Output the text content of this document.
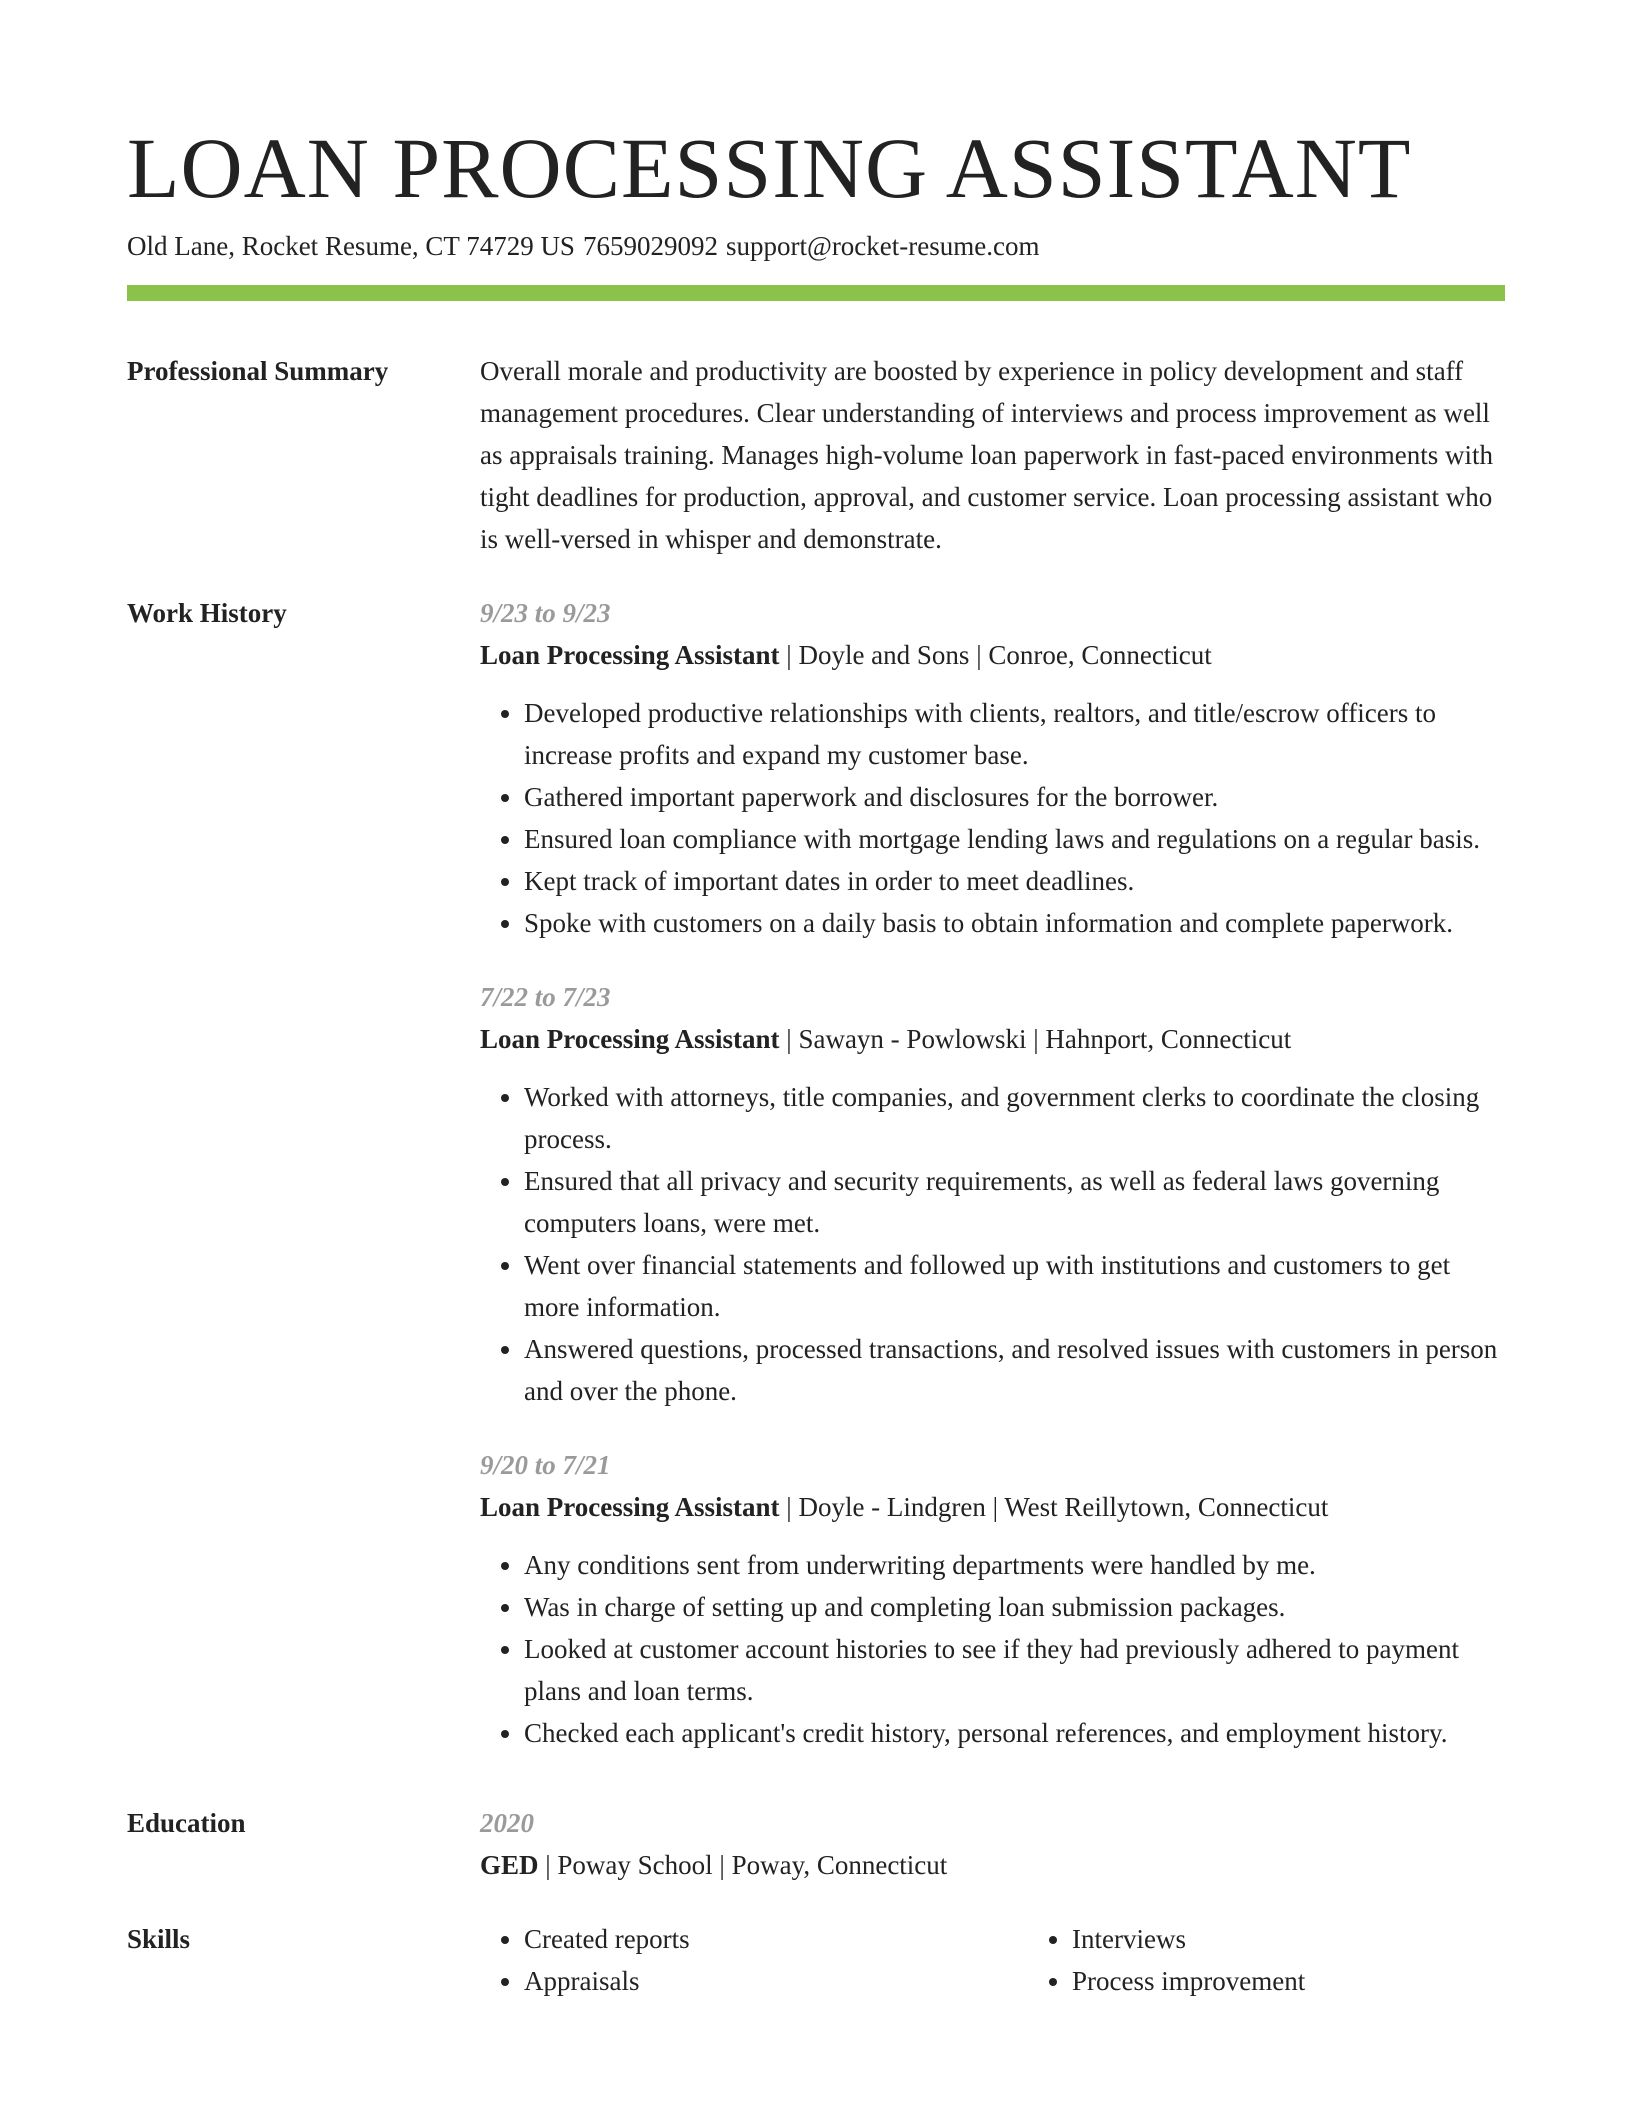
LOAN PROCESSING ASSISTANT
Old Lane, Rocket Resume, CT 74729 US 7659029092 support@rocket-resume.com
Professional Summary	Overall morale and productivity are boosted by experience in policy development and staff management procedures. Clear understanding of interviews and process improvement as well as appraisals training. Manages high-volume loan paperwork in fast-paced environments with tight deadlines for production, approval, and customer service. Loan processing assistant who is well-versed in whisper and demonstrate.

Work History	9/23 to 9/23
Loan Processing Assistant | Doyle and Sons | Conroe, Connecticut
• Developed productive relationships with clients, realtors, and title/escrow officers to increase profits and expand my customer base.
• Gathered important paperwork and disclosures for the borrower.
• Ensured loan compliance with mortgage lending laws and regulations on a regular basis.
• Kept track of important dates in order to meet deadlines.
• Spoke with customers on a daily basis to obtain information and complete paperwork.
7/22 to 7/23
Loan Processing Assistant | Sawayn - Powlowski | Hahnport, Connecticut
• Worked with attorneys, title companies, and government clerks to coordinate the closing process.
• Ensured that all privacy and security requirements, as well as federal laws governing computers loans, were met.
• Went over financial statements and followed up with institutions and customers to get more information.
• Answered questions, processed transactions, and resolved issues with customers in person and over the phone.
9/20 to 7/21
Loan Processing Assistant | Doyle - Lindgren | West Reillytown, Connecticut
• Any conditions sent from underwriting departments were handled by me.
• Was in charge of setting up and completing loan submission packages.
• Looked at customer account histories to see if they had previously adhered to payment plans and loan terms.
• Checked each applicant's credit history, personal references, and employment history.
Education	2020
GED | Poway School | Poway, Connecticut
Skills
•	Created reports
• Appraisals
• Interviews
• Process improvement
